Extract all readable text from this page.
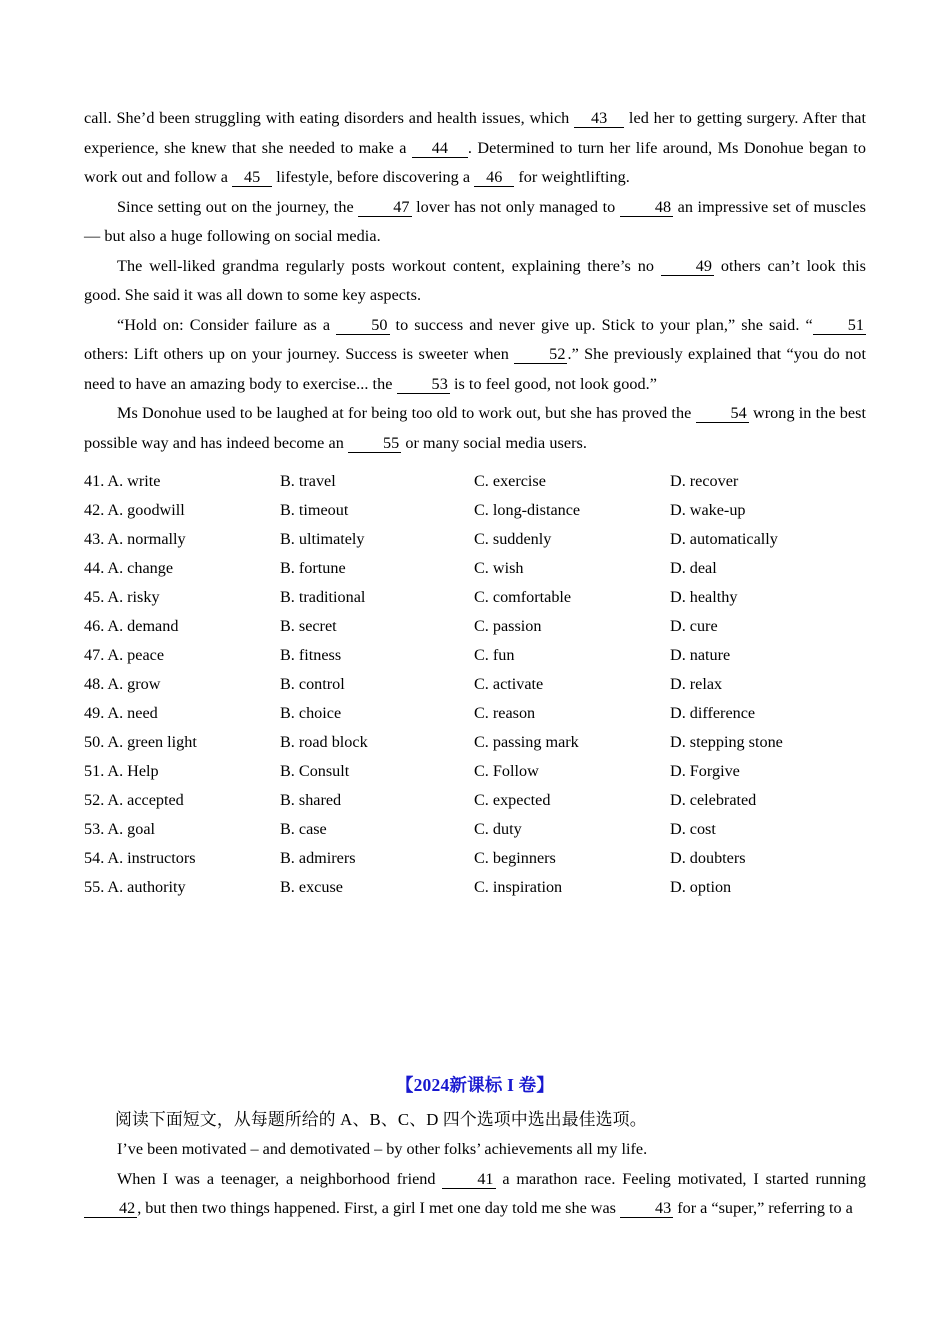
call. She’d been struggling with eating disorders and health issues, which 43 led her to getting surgery. After that experience, she knew that she needed to make a 44 . Determined to turn her life around, Ms Donohue began to work out and follow a 45 lifestyle, before discovering a 46 for weightlifting.
Since setting out on the journey, the 47 lover has not only managed to 48 an impressive set of muscles — but also a huge following on social media.
The well-liked grandma regularly posts workout content, explaining there’s no 49 others can’t look this good. She said it was all down to some key aspects.
“Hold on: Consider failure as a 50 to success and never give up. Stick to your plan,” she said. “ 51 others: Lift others up on your journey. Success is sweeter when 52 .” She previously explained that “you do not need to have an amazing body to exercise... the 53 is to feel good, not look good.”
Ms Donohue used to be laughed at for being too old to work out, but she has proved the 54 wrong in the best possible way and has indeed become an 55 or many social media users.
41. A. write	B. travel	C. exercise	D. recover
42. A. goodwill	B. timeout	C. long-distance	D. wake-up
43. A. normally	B. ultimately	C. suddenly	D. automatically
44. A. change	B. fortune	C. wish	D. deal
45. A. risky	B. traditional	C. comfortable	D. healthy
46. A. demand	B. secret	C. passion	D. cure
47. A. peace	B. fitness	C. fun	D. nature
48. A. grow	B. control	C. activate	D. relax
49. A. need	B. choice	C. reason	D. difference
50. A. green light	B. road block	C. passing mark	D. stepping stone
51. A. Help	B. Consult	C. Follow	D. Forgive
52. A. accepted	B. shared	C. expected	D. celebrated
53. A. goal	B. case	C. duty	D. cost
54. A. instructors	B. admirers	C. beginners	D. doubters
55. A. authority	B. excuse	C. inspiration	D. option
【2024新课标 I 卷】
阅读下面短文，从每题所给的 A、B、C、D 四个选项中选出最佳选项。
I’ve been motivated – and demotivated – by other folks’ achievements all my life.
When I was a teenager, a neighborhood friend 41 a marathon race. Feeling motivated, I started running 42 , but then two things happened. First, a girl I met one day told me she was 43 for a “super,” referring to a
